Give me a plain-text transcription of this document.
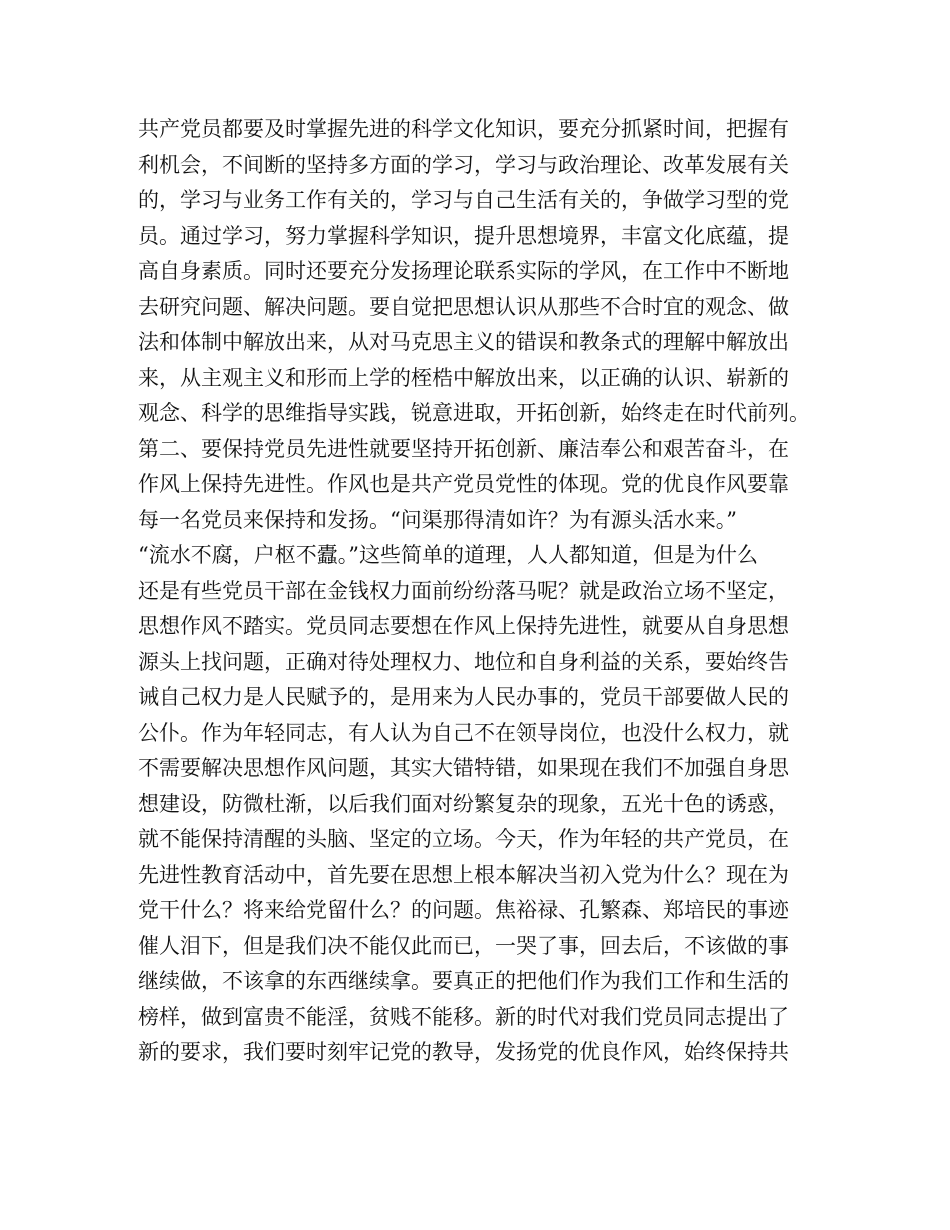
共产党员都要及时掌握先进的科学文化知识，要充分抓紧时间，把握有
利机会，不间断的坚持多方面的学习，学习与政治理论、改革发展有关
的，学习与业务工作有关的，学习与自己生活有关的，争做学习型的党
员。通过学习，努力掌握科学知识，提升思想境界，丰富文化底蕴，提
高自身素质。同时还要充分发扬理论联系实际的学风，在工作中不断地
去研究问题、解决问题。要自觉把思想认识从那些不合时宜的观念、做
法和体制中解放出来，从对马克思主义的错误和教条式的理解中解放出
来，从主观主义和形而上学的桎梏中解放出来，以正确的认识、崭新的
观念、科学的思维指导实践，锐意进取，开拓创新，始终走在时代前列。
第二、要保持党员先进性就要坚持开拓创新、廉洁奉公和艰苦奋斗，在
作风上保持先进性。作风也是共产党员党性的体现。党的优良作风要靠
每一名党员来保持和发扬。“问渠那得清如许？为有源头活水来。”
“流水不腐，户枢不蠹。”这些简单的道理，人人都知道，但是为什么
还是有些党员干部在金钱权力面前纷纷落马呢？就是政治立场不坚定，
思想作风不踏实。党员同志要想在作风上保持先进性，就要从自身思想
源头上找问题，正确对待处理权力、地位和自身利益的关系，要始终告
诫自己权力是人民赋予的，是用来为人民办事的，党员干部要做人民的
公仆。作为年轻同志，有人认为自己不在领导岗位，也没什么权力，就
不需要解决思想作风问题，其实大错特错，如果现在我们不加强自身思
想建设，防微杜渐，以后我们面对纷繁复杂的现象，五光十色的诱惑，
就不能保持清醒的头脑、坚定的立场。今天，作为年轻的共产党员，在
先进性教育活动中，首先要在思想上根本解决当初入党为什么？现在为
党干什么？将来给党留什么？的问题。焦裕禄、孔繁森、郑培民的事迹
催人泪下，但是我们决不能仅此而已，一哭了事，回去后，不该做的事
继续做，不该拿的东西继续拿。要真正的把他们作为我们工作和生活的
榜样，做到富贵不能淫，贫贱不能移。新的时代对我们党员同志提出了
新的要求，我们要时刻牢记党的教导，发扬党的优良作风，始终保持共
